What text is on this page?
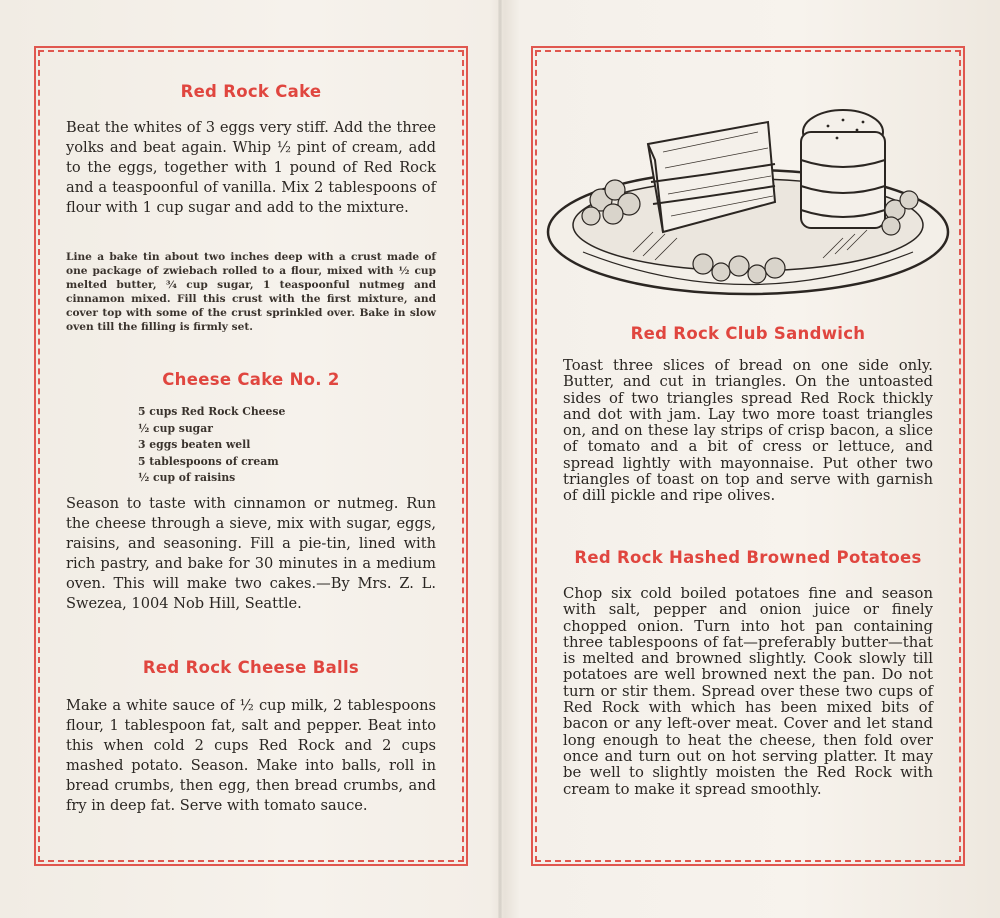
Red Rock Cake

Beat the whites of 3 eggs very stiff. Add the three yolks and beat again. Whip ½ pint of cream, add to the eggs, together with 1 pound of Red Rock and a teaspoonful of vanilla. Mix 2 tablespoons of flour with 1 cup sugar and add to the mixture.

Line a bake tin about two inches deep with a crust made of one package of zwiebach rolled to a flour, mixed with ½ cup melted butter, ¾ cup sugar, 1 teaspoonful nutmeg and cinnamon mixed. Fill this crust with the first mixture, and cover top with some of the crust sprinkled over. Bake in slow oven till the filling is firmly set.

Cheese Cake No. 2
5 cups Red Rock Cheese
½ cup sugar
3 eggs beaten well
5 tablespoons of cream
½ cup of raisins

Season to taste with cinnamon or nutmeg. Run the cheese through a sieve, mix with sugar, eggs, raisins, and seasoning. Fill a pie-tin, lined with rich pastry, and bake for 30 minutes in a medium oven. This will make two cakes.—By Mrs. Z. L. Swezea, 1004 Nob Hill, Seattle.

Red Rock Cheese Balls

Make a white sauce of ½ cup milk, 2 tablespoons flour, 1 tablespoon fat, salt and pepper. Beat into this when cold 2 cups Red Rock and 2 cups mashed potato. Season. Make into balls, roll in bread crumbs, then egg, then bread crumbs, and fry in deep fat. Serve with tomato sauce.

Red Rock Club Sandwich

Toast three slices of bread on one side only. Butter, and cut in triangles. On the untoasted sides of two triangles spread Red Rock thickly and dot with jam. Lay two more toast triangles on, and on these lay strips of crisp bacon, a slice of tomato and a bit of cress or lettuce, and spread lightly with mayonnaise. Put other two triangles of toast on top and serve with garnish of dill pickle and ripe olives.

Red Rock Hashed Browned Potatoes

Chop six cold boiled potatoes fine and season with salt, pepper and onion juice or finely chopped onion. Turn into hot pan containing three tablespoons of fat—preferably butter—that is melted and browned slightly. Cook slowly till potatoes are well browned next the pan. Do not turn or stir them. Spread over these two cups of Red Rock with which has been mixed bits of bacon or any left-over meat. Cover and let stand long enough to heat the cheese, then fold over once and turn out on hot serving platter. It may be well to slightly moisten the Red Rock with cream to make it spread smoothly.
